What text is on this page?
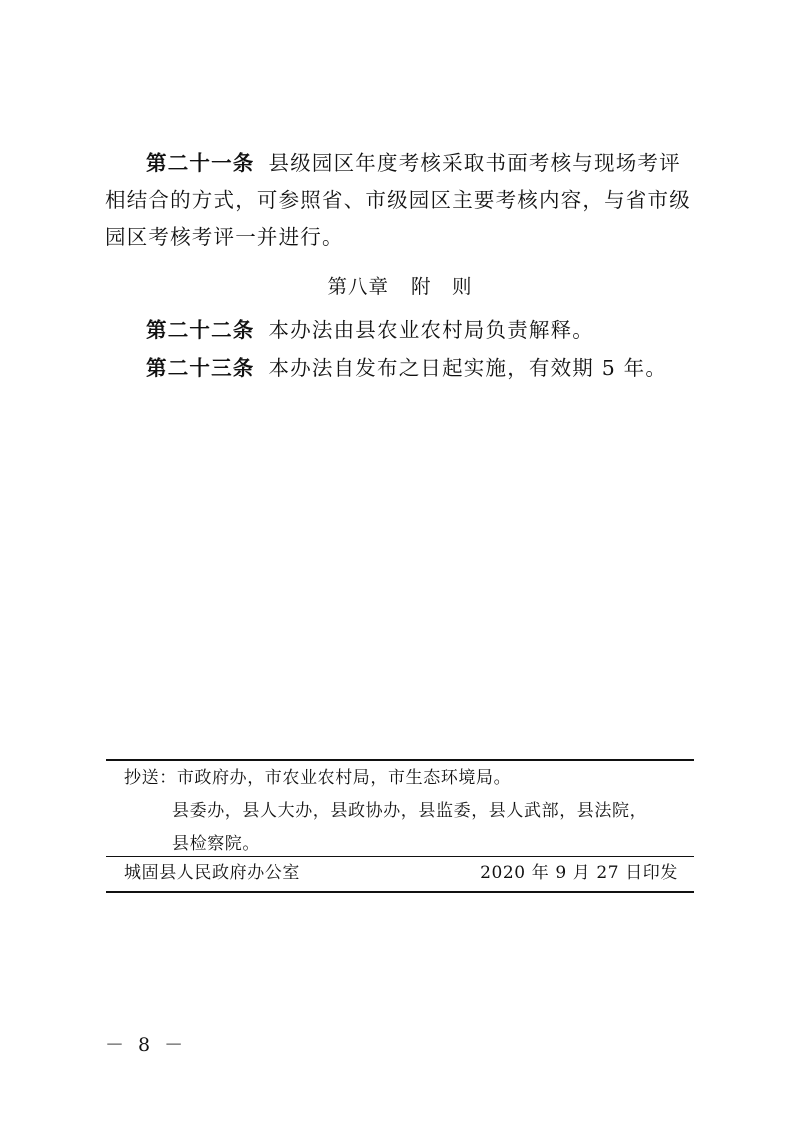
第二十一条 县级园区年度考核采取书面考核与现场考评相结合的方式，可参照省、市级园区主要考核内容，与省市级园区考核考评一并进行。

第八章 附　则

第二十二条 本办法由县农业农村局负责解释。

第二十三条 本办法自发布之日起实施，有效期 5 年。

抄送：市政府办，市农业农村局，市生态环境局。
县委办，县人大办，县政协办，县监委，县人武部，县法院，
县检察院。
城固县人民政府办公室	2020 年 9 月 27 日印发
－ 8 －
